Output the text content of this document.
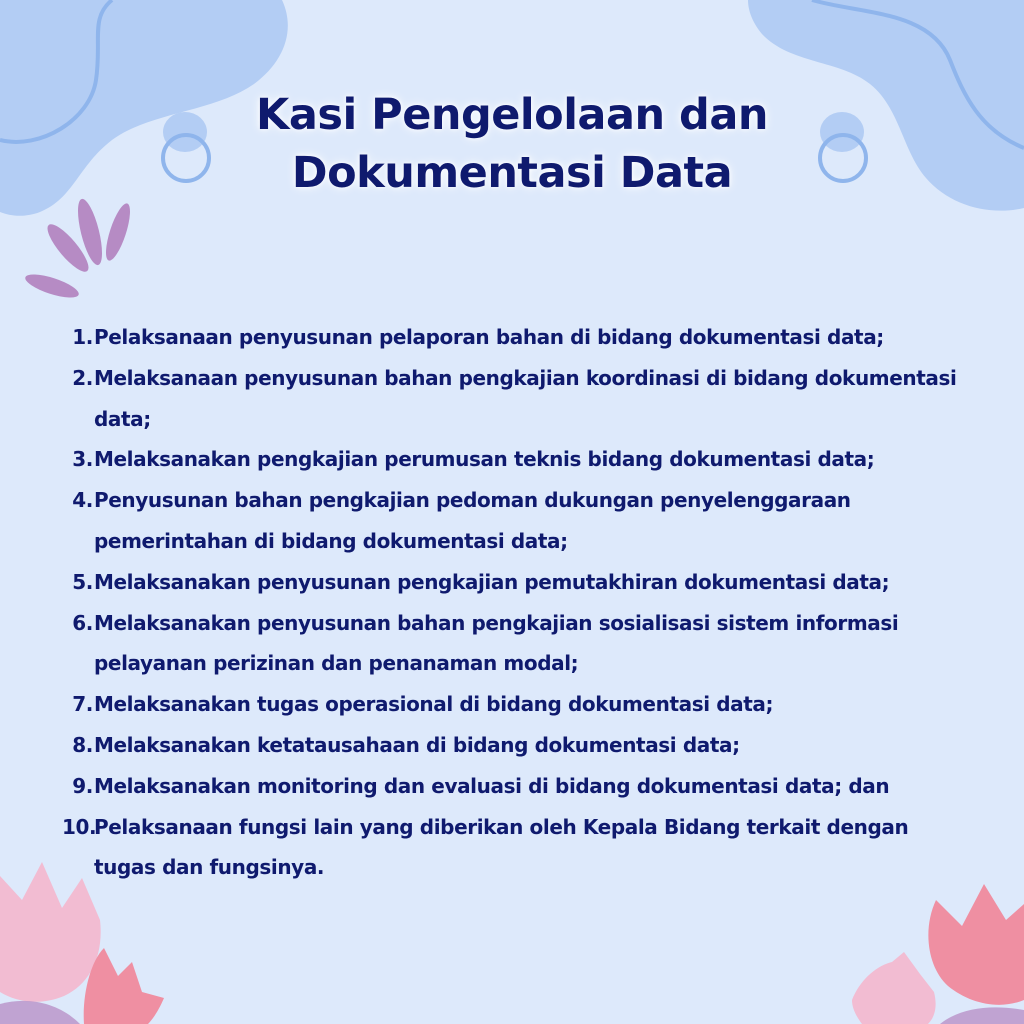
Kasi Pengelolaan dan
Dokumentasi Data
1. Pelaksanaan penyusunan pelaporan bahan di bidang dokumentasi data;
2. Melaksanaan penyusunan bahan pengkajian koordinasi di bidang dokumentasi data;
3. Melaksanakan pengkajian perumusan teknis bidang dokumentasi data;
4. Penyusunan bahan pengkajian pedoman dukungan penyelenggaraan pemerintahan di bidang dokumentasi data;
5. Melaksanakan penyusunan pengkajian pemutakhiran dokumentasi data;
6. Melaksanakan penyusunan bahan pengkajian sosialisasi sistem informasi pelayanan perizinan dan penanaman modal;
7. Melaksanakan tugas operasional di bidang dokumentasi data;
8. Melaksanakan ketatausahaan di bidang dokumentasi data;
9. Melaksanakan monitoring dan evaluasi di bidang dokumentasi data; dan
10.
Pelaksanaan fungsi lain yang diberikan oleh Kepala Bidang terkait dengan tugas dan fungsinya.
